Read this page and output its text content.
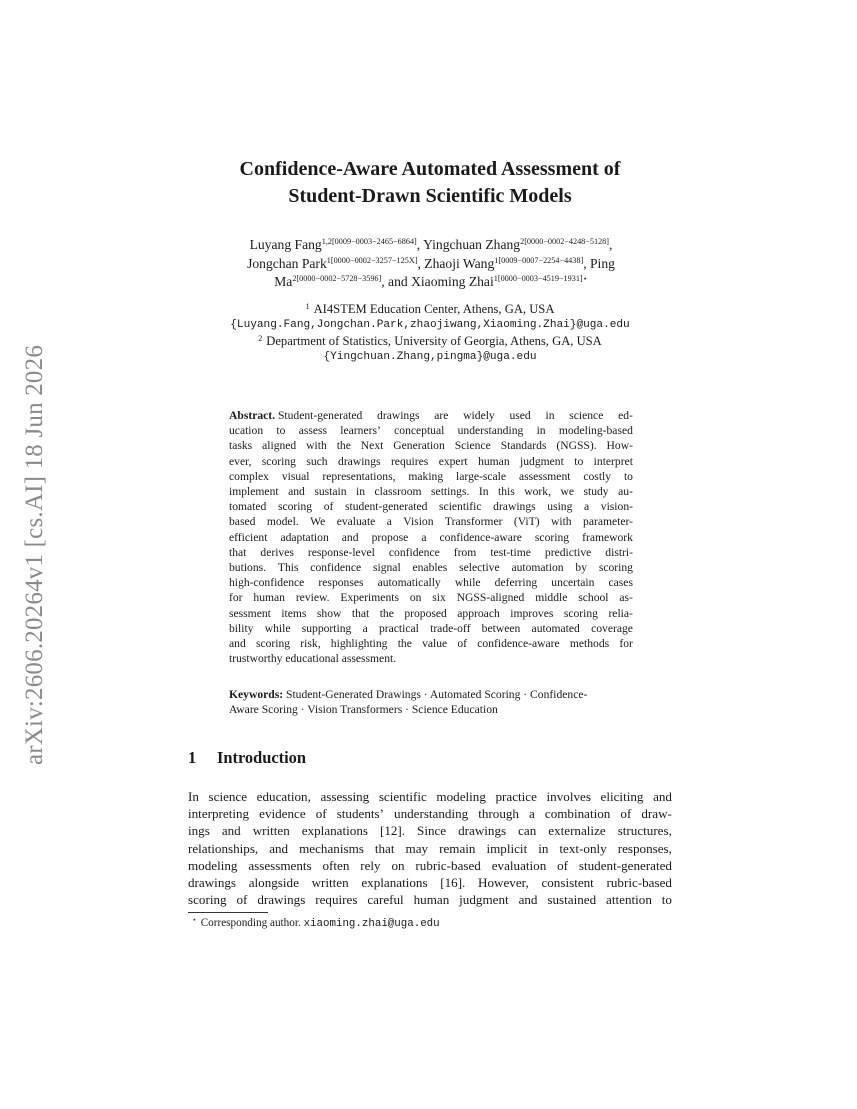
arXiv:2606.20264v1 [cs.AI] 18 Jun 2026
Confidence-Aware Automated Assessment of
Student-Drawn Scientific Models
Luyang Fang$^{1,2[0009-0003-2465-6864]}$, Yingchuan Zhang$^{2[0000-0002-4248-5128]}$,
Jongchan Park$^{1[0000-0002-3257-125X]}$, Zhaoji Wang$^{1[0009-0007-2254-4438]}$, Ping
$Ma^{2[0000-0002-5728-3596]}$, and Xiaoming Zhai$^{1[0000-0003-4519-1931]⋆}$
$^1$ AI4STEM Education Center, Athens, GA, USA
{Luyang.Fang,Jongchan.Park,zhaojiwang,Xiaoming.Zhai}@uga.edu
$^2$ Department of Statistics, University of Georgia, Athens, GA, USA
{Yingchuan.Zhang,pingma}@uga.edu
Abstract. Student-generated drawings are widely used in science ed-
ucation to assess learners’ conceptual understanding in modeling-based
tasks aligned with the Next Generation Science Standards (NGSS). How-
ever, scoring such drawings requires expert human judgment to interpret
complex visual representations, making large-scale assessment costly to
implement and sustain in classroom settings. In this work, we study au-
tomated scoring of student-generated scientific drawings using a vision-
based model. We evaluate a Vision Transformer (ViT) with parameter-
efficient adaptation and propose a confidence-aware scoring framework
that derives response-level confidence from test-time predictive distri-
butions. This confidence signal enables selective automation by scoring
high-confidence responses automatically while deferring uncertain cases
for human review. Experiments on six NGSS-aligned middle school as-
sessment items show that the proposed approach improves scoring relia-
bility while supporting a practical trade-off between automated coverage
and scoring risk, highlighting the value of confidence-aware methods for
trustworthy educational assessment.
Keywords: Student-Generated Drawings · Automated Scoring · Confidence-
Aware Scoring · Vision Transformers · Science Education
1 Introduction
In science education, assessing scientific modeling practice involves eliciting and
interpreting evidence of students’ understanding through a combination of draw-
ings and written explanations [12]. Since drawings can externalize structures,
relationships, and mechanisms that may remain implicit in text-only responses,
modeling assessments often rely on rubric-based evaluation of student-generated
drawings alongside written explanations [16]. However, consistent rubric-based
scoring of drawings requires careful human judgment and sustained attention to
⋆ Corresponding author. xiaoming.zhai@uga.edu
